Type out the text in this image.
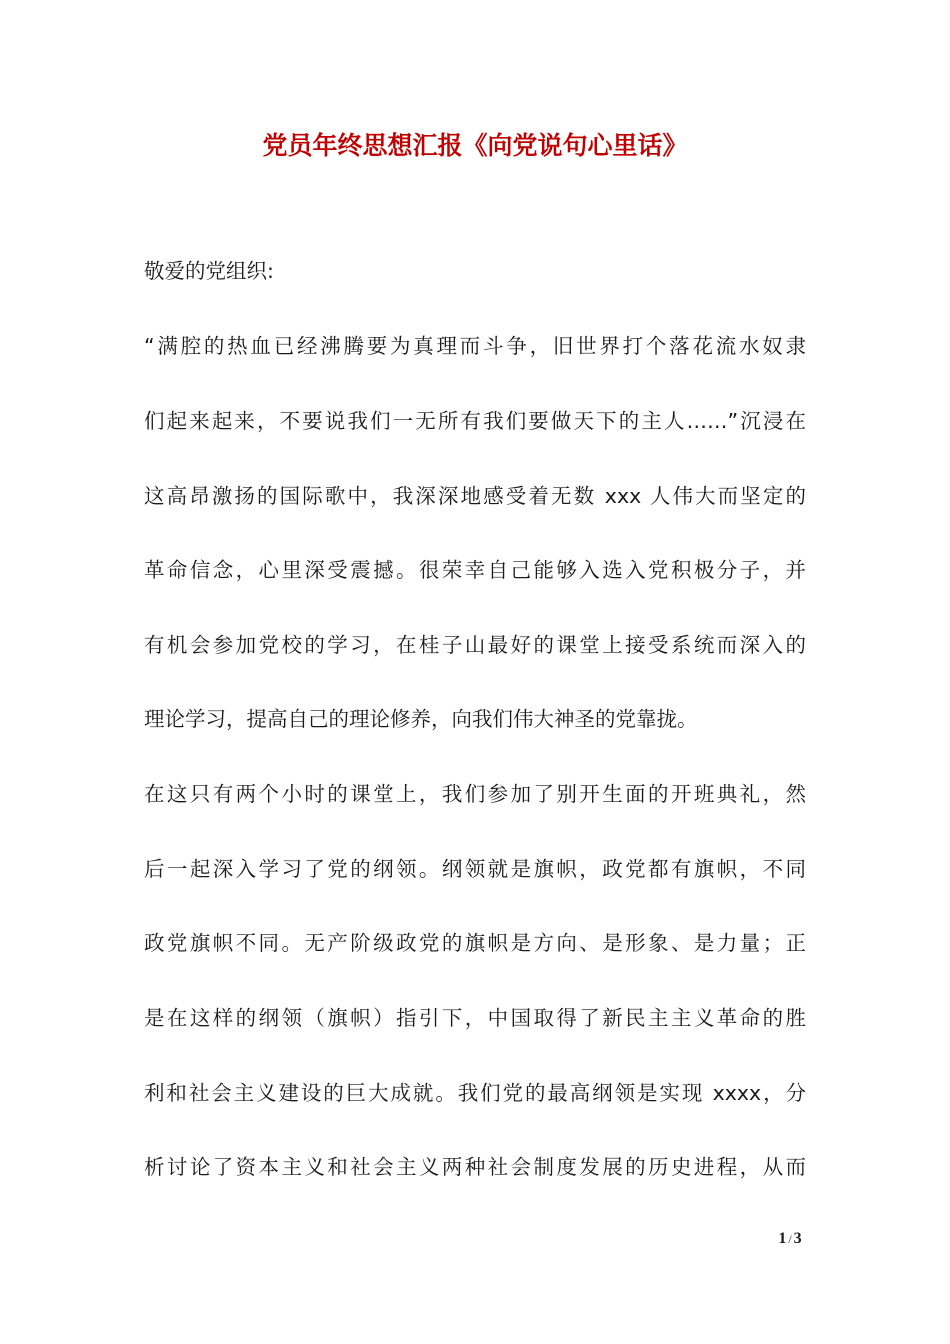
党员年终思想汇报《向党说句心里话》
敬爱的党组织:
“满腔的热血已经沸腾要为真理而斗争，旧世界打个落花流水奴隶
们起来起来，不要说我们一无所有我们要做天下的主人……”沉浸在
这高昂激扬的国际歌中，我深深地感受着无数 xxx 人伟大而坚定的
革命信念，心里深受震撼。很荣幸自己能够入选入党积极分子，并
有机会参加党校的学习，在桂子山最好的课堂上接受系统而深入的
理论学习，提高自己的理论修养，向我们伟大神圣的党靠拢。
在这只有两个小时的课堂上，我们参加了别开生面的开班典礼，然
后一起深入学习了党的纲领。纲领就是旗帜，政党都有旗帜，不同
政党旗帜不同。无产阶级政党的旗帜是方向、是形象、是力量；正
是在这样的纲领（旗帜）指引下，中国取得了新民主主义革命的胜
利和社会主义建设的巨大成就。我们党的最高纲领是实现 xxxx，分
析讨论了资本主义和社会主义两种社会制度发展的历史进程，从而
1 / 3
